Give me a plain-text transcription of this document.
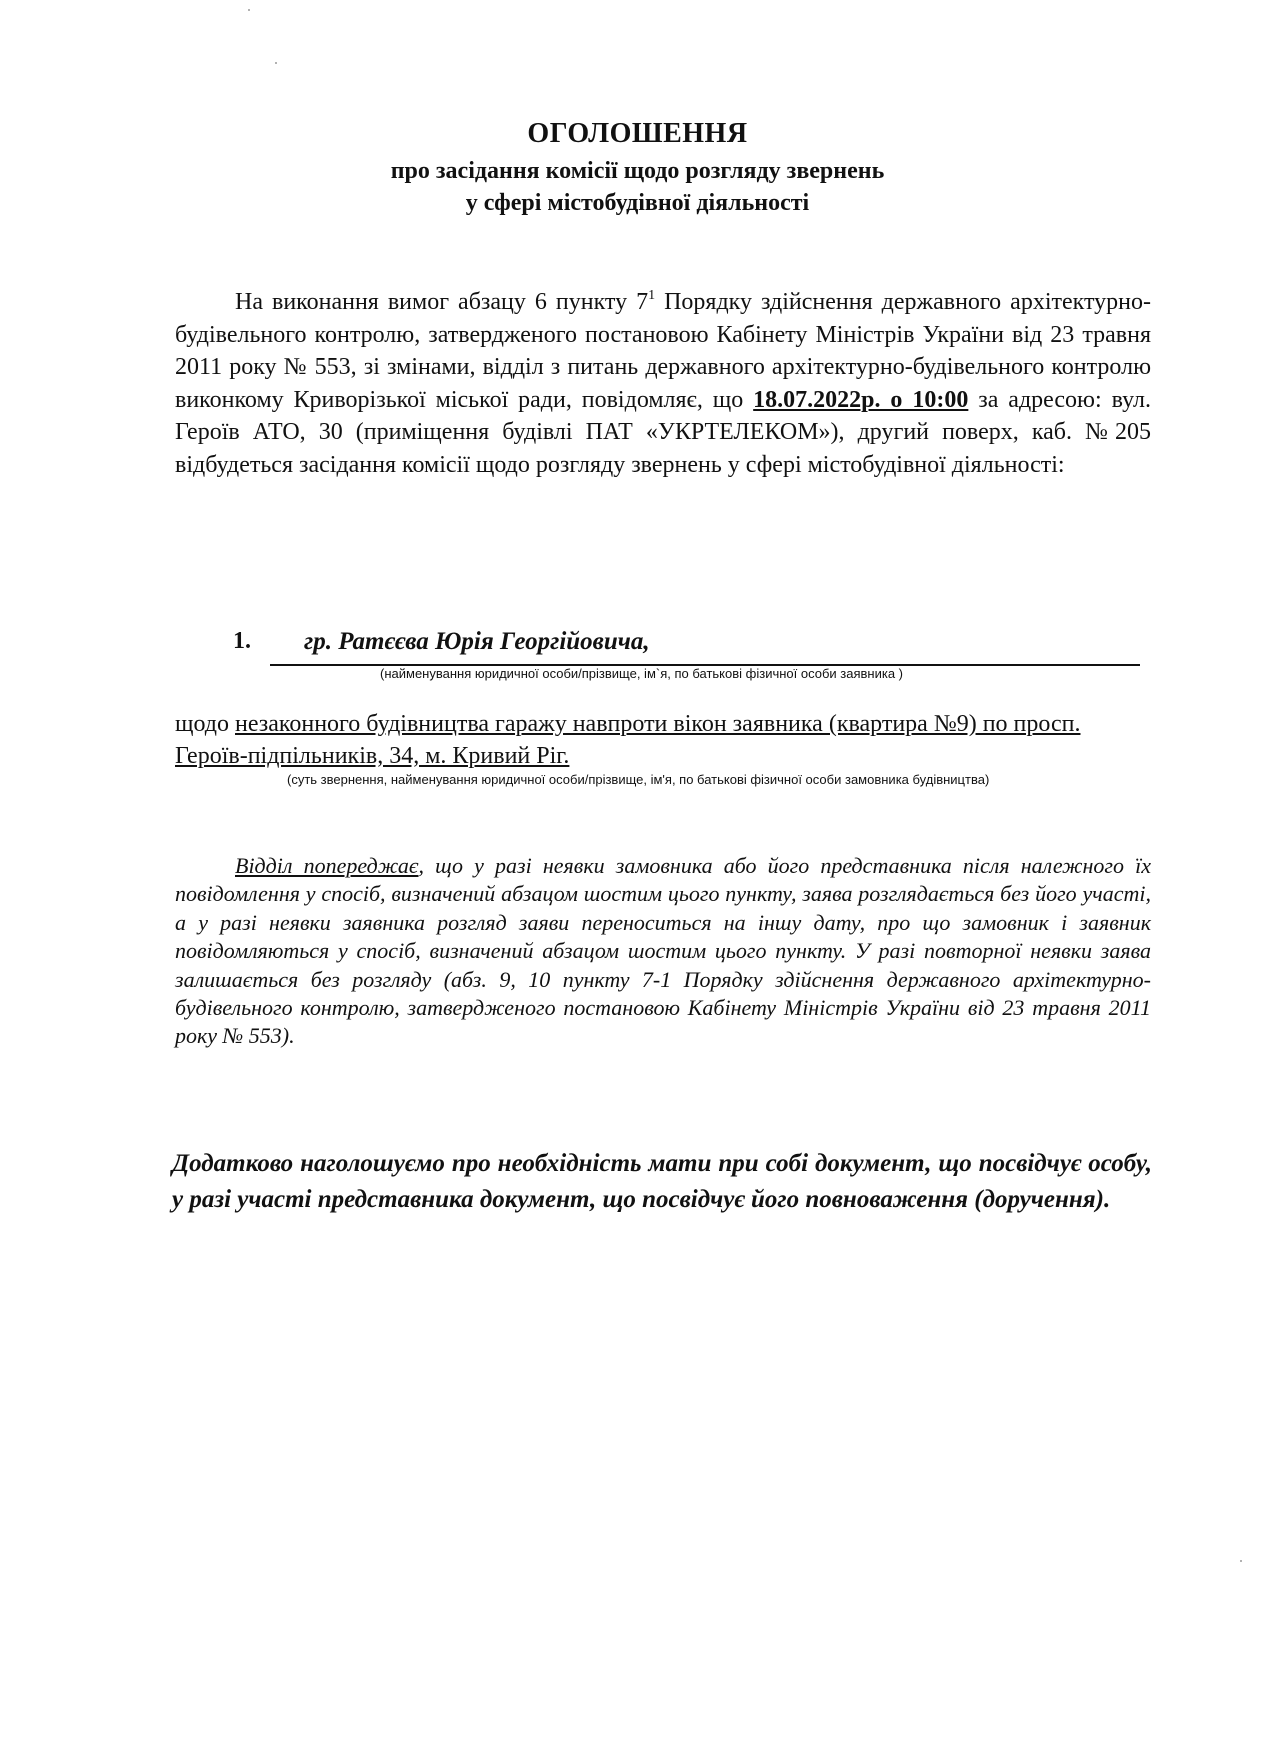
ОГОЛОШЕННЯ
про засідання комісії щодо розгляду звернень
у сфері містобудівної діяльності

На виконання вимог абзацу 6 пункту $7^1$ Порядку здійснення державного архітектурно-будівельного контролю, затвердженого постановою Кабінету Міністрів України від 23 травня 2011 року № 553, зі змінами, відділ з питань державного архітектурно-будівельного контролю виконкому Криворізької міської ради, повідомляє, що 18.07.2022р. о 10:00 за адресою: вул. Героїв АТО, 30 (приміщення будівлі ПАТ «УКРТЕЛЕКОМ»), другий поверх, каб. №205 відбудеться засідання комісії щодо розгляду звернень у сфері містобудівної діяльності:

1.	гр. Ратєєва Юрія Георгійовича,
(найменування юридичної особи/прізвище, ім`я, по батькові фізичної особи заявника )

щодо незаконного будівництва гаражу навпроти вікон заявника (квартира №9) по просп. Героїв-підпільників, 34, м. Кривий Ріг.

(суть звернення, найменування юридичної особи/прізвище, ім'я, по батькові фізичної особи замовника будівництва)

Відділ попереджає, що у разі неявки замовника або його представника після належного їх повідомлення у спосіб, визначений абзацом шостим цього пункту, заява розглядається без його участі, а у разі неявки заявника розгляд заяви переноситься на іншу дату, про що замовник і заявник повідомляються у спосіб, визначений абзацом шостим цього пункту. У разі повторної неявки заява залишається без розгляду (абз. 9, 10 пункту 7-1 Порядку здійснення державного архітектурно- будівельного контролю, затвердженого постановою Кабінету Міністрів України від 23 травня 2011 року № 553).

Додатково наголошуємо про необхідність мати при собі документ, що посвідчує особу, у разі участі представника документ, що посвідчує його повноваження (доручення).
